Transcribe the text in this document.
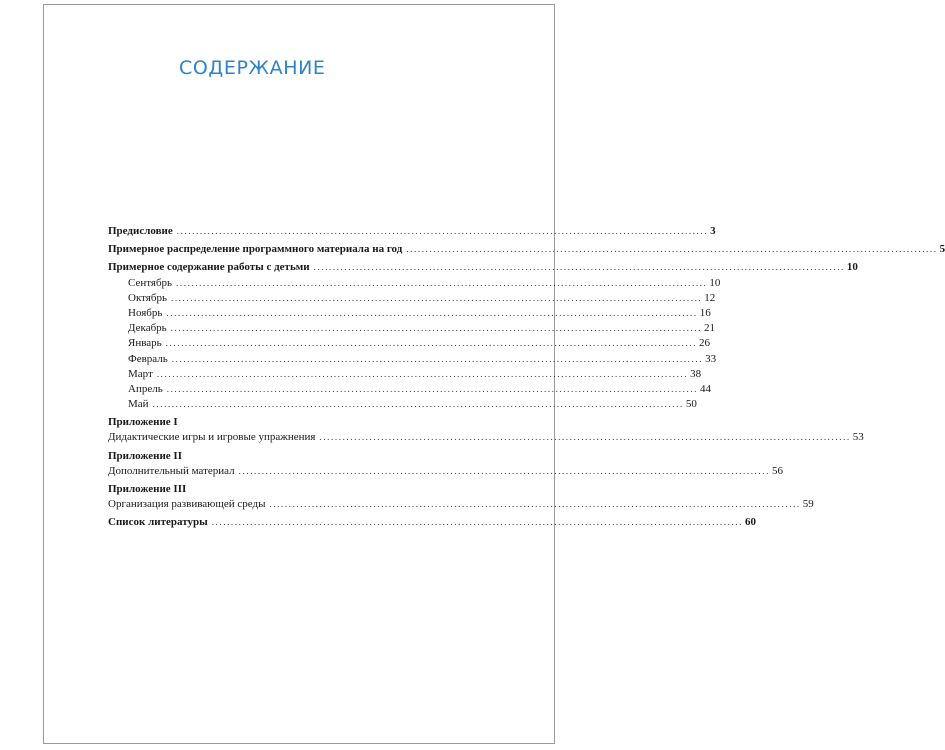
СОДЕРЖАНИЕ
Предисловие .......................................................................................................................................... 3
Примерное распределение программного материала на год .......................................................................................................................................... 5
Примерное содержание работы с детьми .......................................................................................................................................... 10
Сентябрь .......................................................................................................................................... 10
Октябрь .......................................................................................................................................... 12
Ноябрь .......................................................................................................................................... 16
Декабрь .......................................................................................................................................... 21
Январь .......................................................................................................................................... 26
Февраль .......................................................................................................................................... 33
Март .......................................................................................................................................... 38
Апрель .......................................................................................................................................... 44
Май .......................................................................................................................................... 50
Приложение I
Дидактические игры и игровые упражнения .......................................................................................................................................... 53
Приложение II
Дополнительный материал .......................................................................................................................................... 56
Приложение III
Организация развивающей среды .......................................................................................................................................... 59
Список литературы .......................................................................................................................................... 60
